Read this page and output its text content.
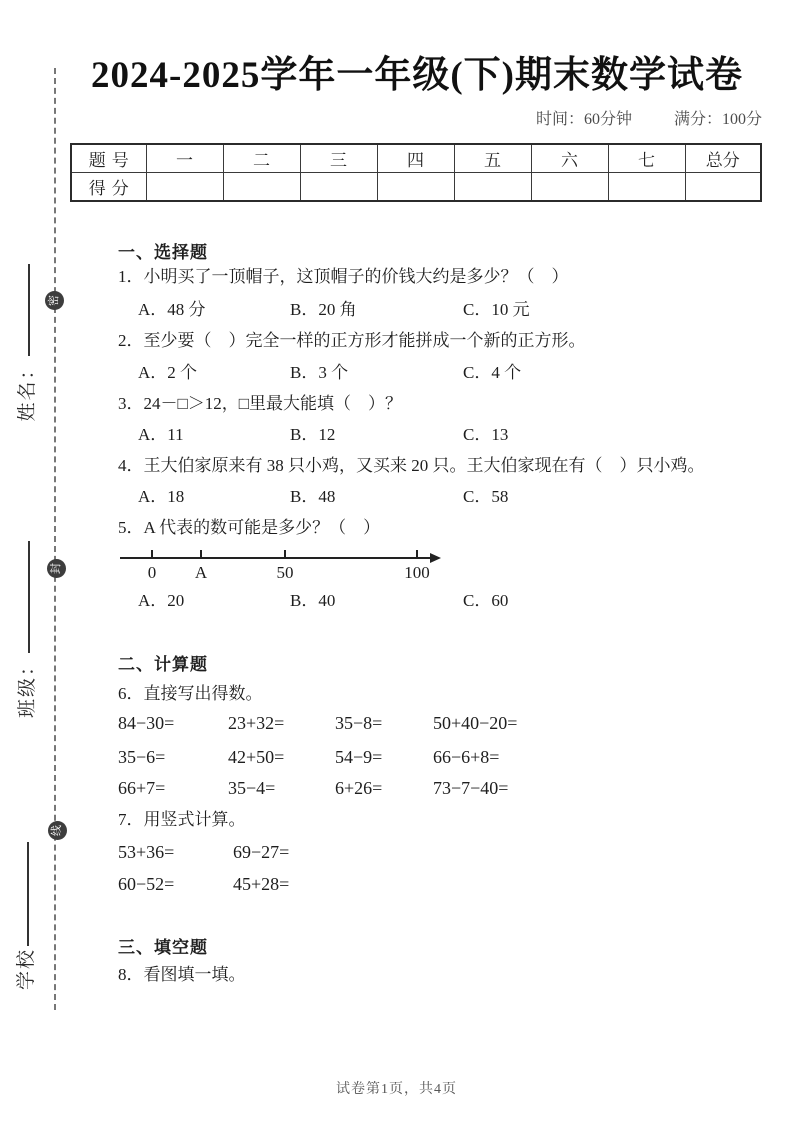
密
封
线
姓名：
班级：
学校
2024-2025学年一年级(下)期末数学试卷
时间：60分钟	满分：100分
题号	一	二	三	四	五	六	七	总分
得分								
一、选择题
1．小明买了一顶帽子，这顶帽子的价钱大约是多少？（　）
A．48 分	B．20 角	C．10 元
2．至少要（　）完全一样的正方形才能拼成一个新的正方形。
A．2 个	B．3 个	C．4 个
3．24－□＞12，□里最大能填（　）？
A．11	B．12	C．13
4．王大伯家原来有 38 只小鸡，又买来 20 只。王大伯家现在有（　）只小鸡。
A．18	B．48	C．58
5．A 代表的数可能是多少？（　）
0 A	50	100
A．20	B．40	C．60
二、计算题
6．直接写出得数。
84−30=	23+32=	35−8=	50+40−20=
35−6=	42+50=	54−9=	66−6+8=
66+7=	35−4=	6+26=	73−7−40=
7．用竖式计算。
53+36=	69−27=
60−52=	45+28=
三、填空题
8．看图填一填。
试卷第1页，共4页
